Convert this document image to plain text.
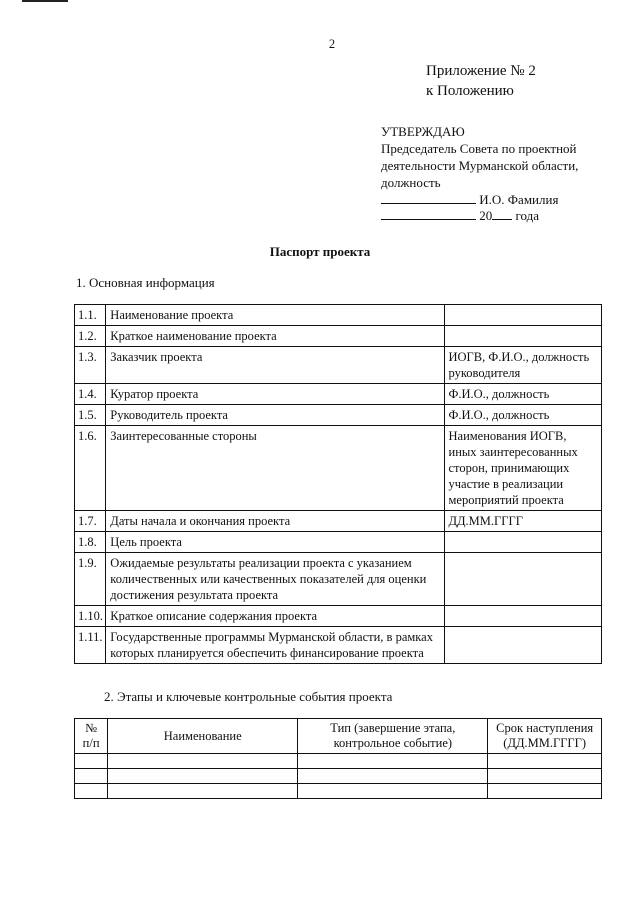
2
Приложение № 2
к Положению
УТВЕРЖДАЮ
Председатель Совета по проектной
деятельности Мурманской области,
должность
И.О. Фамилия
20 года
Паспорт проекта
1. Основная информация
1.1.	Наименование проекта	
1.2.	Краткое наименование проекта	
1.3.	Заказчик проекта	ИОГВ, Ф.И.О., должность руководителя
1.4.	Куратор проекта	Ф.И.О., должность
1.5.	Руководитель проекта	Ф.И.О., должность
1.6.	Заинтересованные стороны	Наименования ИОГВ, иных заинтересованных сторон, принимающих участие в реализации мероприятий проекта
1.7.	Даты начала и окончания проекта	ДД.ММ.ГГГГ
1.8.	Цель проекта	
1.9.	Ожидаемые результаты реализации проекта с указанием количественных или качественных показателей для оценки достижения результата проекта	
1.10.	Краткое описание содержания проекта	
1.11.	Государственные программы Мурманской области, в рамках которых планируется обеспечить финансирование проекта	
2. Этапы и ключевые контрольные события проекта
№ п/п	Наименование	Тип (завершение этапа, контрольное событие)	Срок наступления (ДД.ММ.ГГГГ)
